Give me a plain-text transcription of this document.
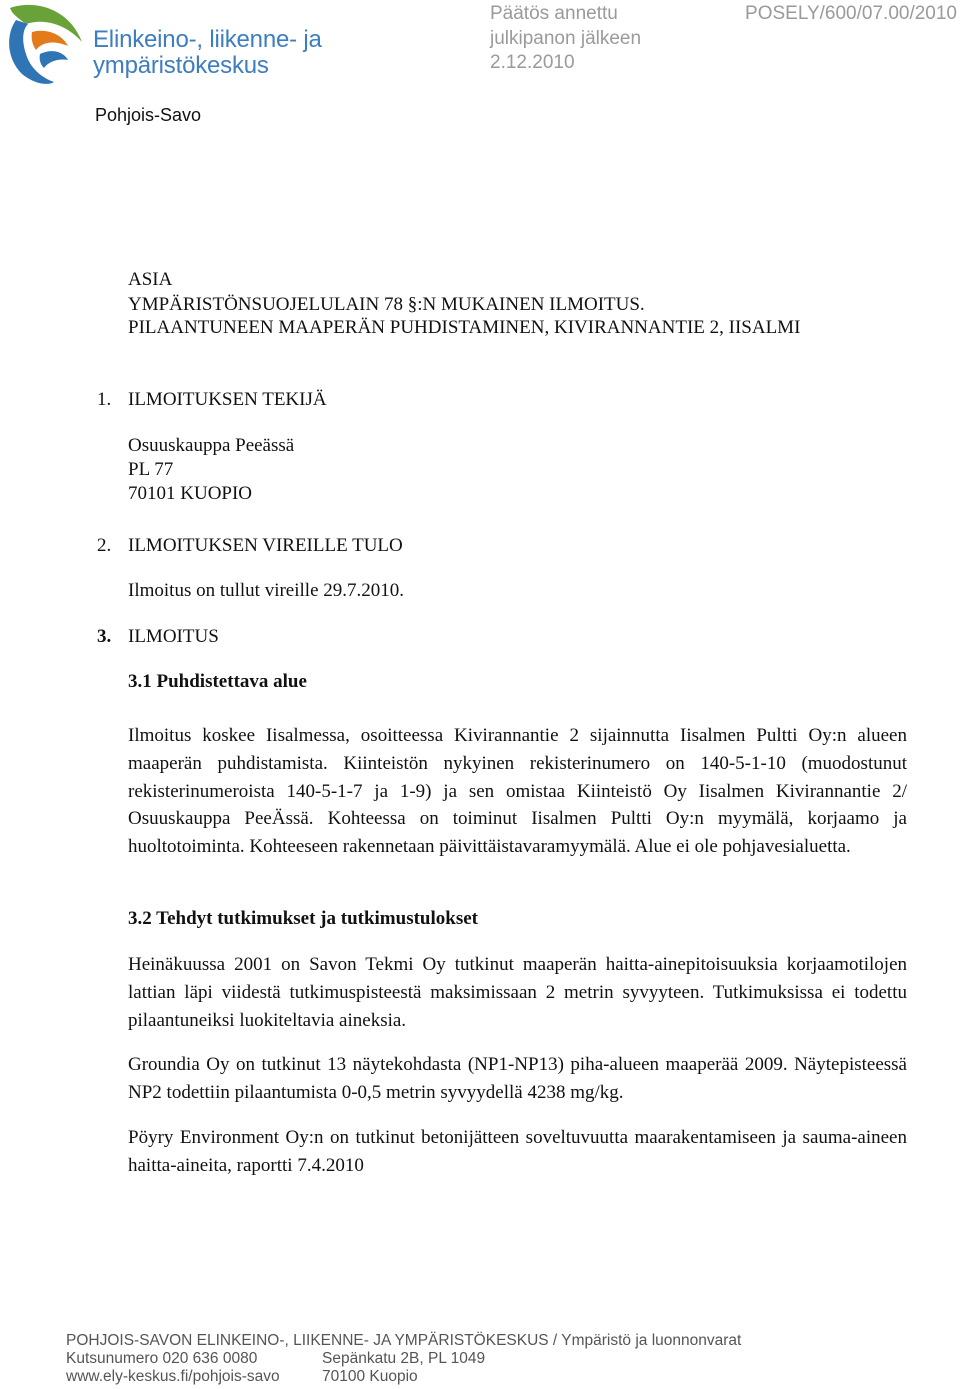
Elinkeino-, liikenne- ja
ympäristökeskus
Päätös annettu
julkipanon jälkeen
2.12.2010
POSELY/600/07.00/2010
Pohjois-Savo
ASIA
YMPÄRISTÖNSUOJELULAIN 78 §:N MUKAINEN ILMOITUS.
PILAANTUNEEN MAAPERÄN PUHDISTAMINEN, KIVIRANNANTIE 2, IISALMI
1. ILMOITUKSEN TEKIJÄ
Osuuskauppa Peeässä
PL 77
70101 KUOPIO
2. ILMOITUKSEN VIREILLE TULO
Ilmoitus on tullut vireille 29.7.2010.
3. ILMOITUS
3.1 Puhdistettava alue

Ilmoitus koskee Iisalmessa, osoitteessa Kivirannantie 2 sijainnutta Iisalmen Pultti Oy:n alueen maaperän puhdistamista. Kiinteistön nykyinen rekisterinumero on 140-5-1-10 (muodostunut rekisterinumeroista 140-5-1-7 ja 1-9) ja sen omistaa Kiinteistö Oy Iisalmen Kivirannantie 2/ Osuuskauppa PeeÄssä. Kohteessa on toiminut Iisalmen Pultti Oy:n myymälä, korjaamo ja huoltotoiminta. Kohteeseen rakennetaan päivittäistavaramyymälä. Alue ei ole pohjavesialuetta.

3.2 Tehdyt tutkimukset ja tutkimustulokset

Heinäkuussa 2001 on Savon Tekmi Oy tutkinut maaperän haitta-ainepitoisuuksia korjaamotilojen lattian läpi viidestä tutkimuspisteestä maksimissaan 2 metrin syvyyteen. Tutkimuksissa ei todettu pilaantuneiksi luokiteltavia aineksia.

Groundia Oy on tutkinut 13 näytekohdasta (NP1-NP13) piha-alueen maaperää 2009. Näytepisteessä NP2 todettiin pilaantumista 0-0,5 metrin syvyydellä 4238 mg/kg.

Pöyry Environment Oy:n on tutkinut betonijätteen soveltuvuutta maarakentamiseen ja sauma-aineen haitta-aineita, raportti 7.4.2010

POHJOIS-SAVON ELINKEINO-, LIIKENNE- JA YMPÄRISTÖKESKUS / Ympäristö ja luonnonvarat
Kutsunumero 020 636 0080	Sepänkatu 2B, PL 1049
www.ely-keskus.fi/pohjois-savo	70100 Kuopio
